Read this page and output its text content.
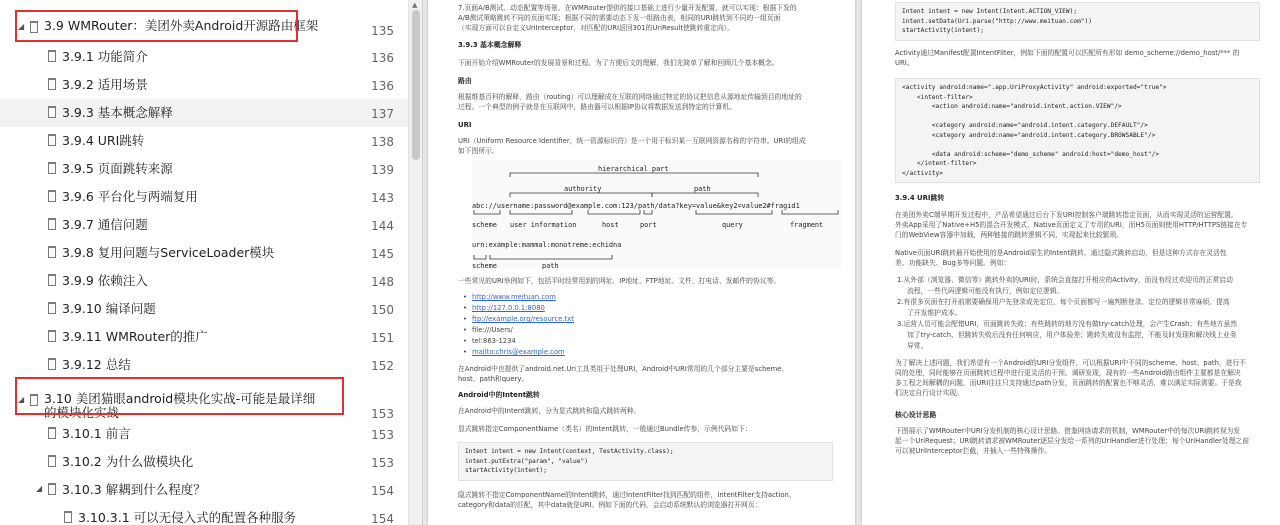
◢ 3.9 WMRouter：美团外卖Android开源路由框架	135
3.9.1 功能简介	136
3.9.2 适用场景	136
3.9.3 基本概念解释	137
3.9.4 URI跳转	138
3.9.5 页面跳转来源	139
3.9.6 平台化与两端复用	143
3.9.7 通信问题	144
3.9.8 复用问题与ServiceLoader模块	145
3.9.9 依赖注入	148
3.9.10 编译问题	150
3.9.11 WMRouter的推广	151
3.9.12 总结	152
◢ 3.10 美团猫眼android模块化实战-可能是最详细的模块化实战	153
3.10.1 前言	153
3.10.2 为什么做模块化	153
◢ 3.10.3 解耦到什么程度？	154
3.10.3.1 可以无侵入式的配置各种服务	154
▲	7.页面A/B测试、动态配置等场景。在WMRouter提供的接口基础上进行少量开发配置，就可以实现：根据下发的
A/B测试策略跳转不同的页面实现；根据不同的需要动态下发一组路由表，相同的URI跳转到不同的一组页面
（实现方面可以自定义UriInterceptor，对匹配的URI返回301的UriResult使跳转重定向）。
3.9.3 基本概念解释
下面开始介绍WMRouter的发展背景和过程。为了方便后文的理解，我们先简单了解和回顾几个基本概念。
路由
根据维基百科的解释，路由（routing）可以理解成在互联的网络通过特定的协议把信息从源地址传输到目的地址的
过程。一个典型的例子就是在互联网中，路由器可以根据IP协议将数据发送到特定的计算机。
URI
URI（Uniform Resource Identifier，统一资源标识符）是一个用于标识某一互联网资源名称的字符串。URI的组成
如下图所示。
hierarchical part
authority	path
abc://username:password@example.com:123/path/data?key=value&key2=value2#fragid1
scheme user information	host	port	query	fragment
urn:example:mammal:monotreme:echidna
scheme	path
一些常见的URI举例如下，包括平时经常用到的网址、IP地址、FTP地址、文件、打电话、发邮件的协议等。
• http://www.meituan.com
• http://127.0.0.1:8080
• ftp://example.org/resource.txt
• file:///Users/
• tel:863-1234
• mailto:chris@example.com
在Android中也提供了android.net.Uri工具类用于处理URI，Android中URI常用的几个部分主要是scheme、
host、path和query。
Android中的Intent跳转
在Android中的Intent跳转，分为显式跳转和隐式跳转两种。
显式跳转指定ComponentName（类名）的Intent跳转，一般通过Bundle传参，示例代码如下：
Intent intent = new Intent(context, TestActivity.class);
intent.putExtra("param", "value")
startActivity(intent);
隐式跳转不指定ComponentName的Intent跳转，通过IntentFilter找到匹配的组件，IntentFilter支持action、
category和data的匹配，其中data就是URI。例如下面的代码，会启动系统默认的浏览器打开网页：
Intent intent = new Intent(Intent.ACTION_VIEW);
intent.setData(Uri.parse("http://www.meituan.com"))
startActivity(intent);
Activity通过Manifest配置IntentFilter，例如下面的配置可以匹配所有形如 demo_scheme://demo_host/*** 的
URI。
<activity android:name=".app.UriProxyActivity" android:exported="true">
<intent-filter>
<action android:name="android.intent.action.VIEW"/>

<category android:name="android.intent.category.DEFAULT"/>
<category android:name="android.intent.category.BROWSABLE"/>

<data android:scheme="demo_scheme" android:host="demo_host"/>
</intent-filter>
</activity>
3.9.4 URI跳转
在美团外卖C端早期开发过程中，产品希望通过后台下发URI控制客户端跳转指定页面，从而实现灵活的运营配置。
外卖App采用了Native+H5的混合开发模式，Native页面定义了专用的URI，而H5页面则使用HTTP/HTTPS链接在专
门的WebView容器中加载，两种链接的跳转逻辑不同，实现起来比较繁琐。
Native页面URI跳转最开始使用的是Android原生的Intent跳转，通过隐式跳转启动，但是这种方式存在灵活性
差、功能缺失、Bug多等问题。例如：
1.从外部（浏览器、微信等）跳转外卖的URI时，系统会直接打开相应的Activity，而没有经过欢迎页的正常启动
流程，一些代码逻辑可能没有执行，例如定位逻辑。
2.有很多页面在打开前需要确保用户先登录或先定位，每个页面都写一遍判断登录、定位的逻辑非常麻烦，提高
了开发维护成本。
3.运营人员可能会配错URI，页面跳转失败；有些跳转的地方没有做try-catch处理，会产生Crash；有些地方虽然
加了try-catch，但跳转失败后没有任何响应，用户体验差；跳转失败没有监控，不能及时发现和解决线上业务
异常。
为了解决上述问题，我们希望有一个Android的URI分发组件，可以根据URI中不同的scheme、host、path，进行不
同的处理，同时能够在页面跳转过程中进行更灵活的干预。调研发现，现有的一些Android路由组件主要都是在解决
多工程之间解耦的问题，而URI往往只支持通过path分发，页面跳转的配置也不够灵活，难以满足实际需要。于是我
们决定自行设计实现。
核心设计思路
下图展示了WMRouter中URI分发机制的核心设计思路。借鉴网络请求的机制，WMRouter中的每次URI跳转视为发
起一个UriRequest；URI跳转请求被WMRouter逐层分发给一系列的UriHandler进行处理；每个UriHandler处理之前
可以被UriInterceptor拦截，并插入一些特殊操作。
